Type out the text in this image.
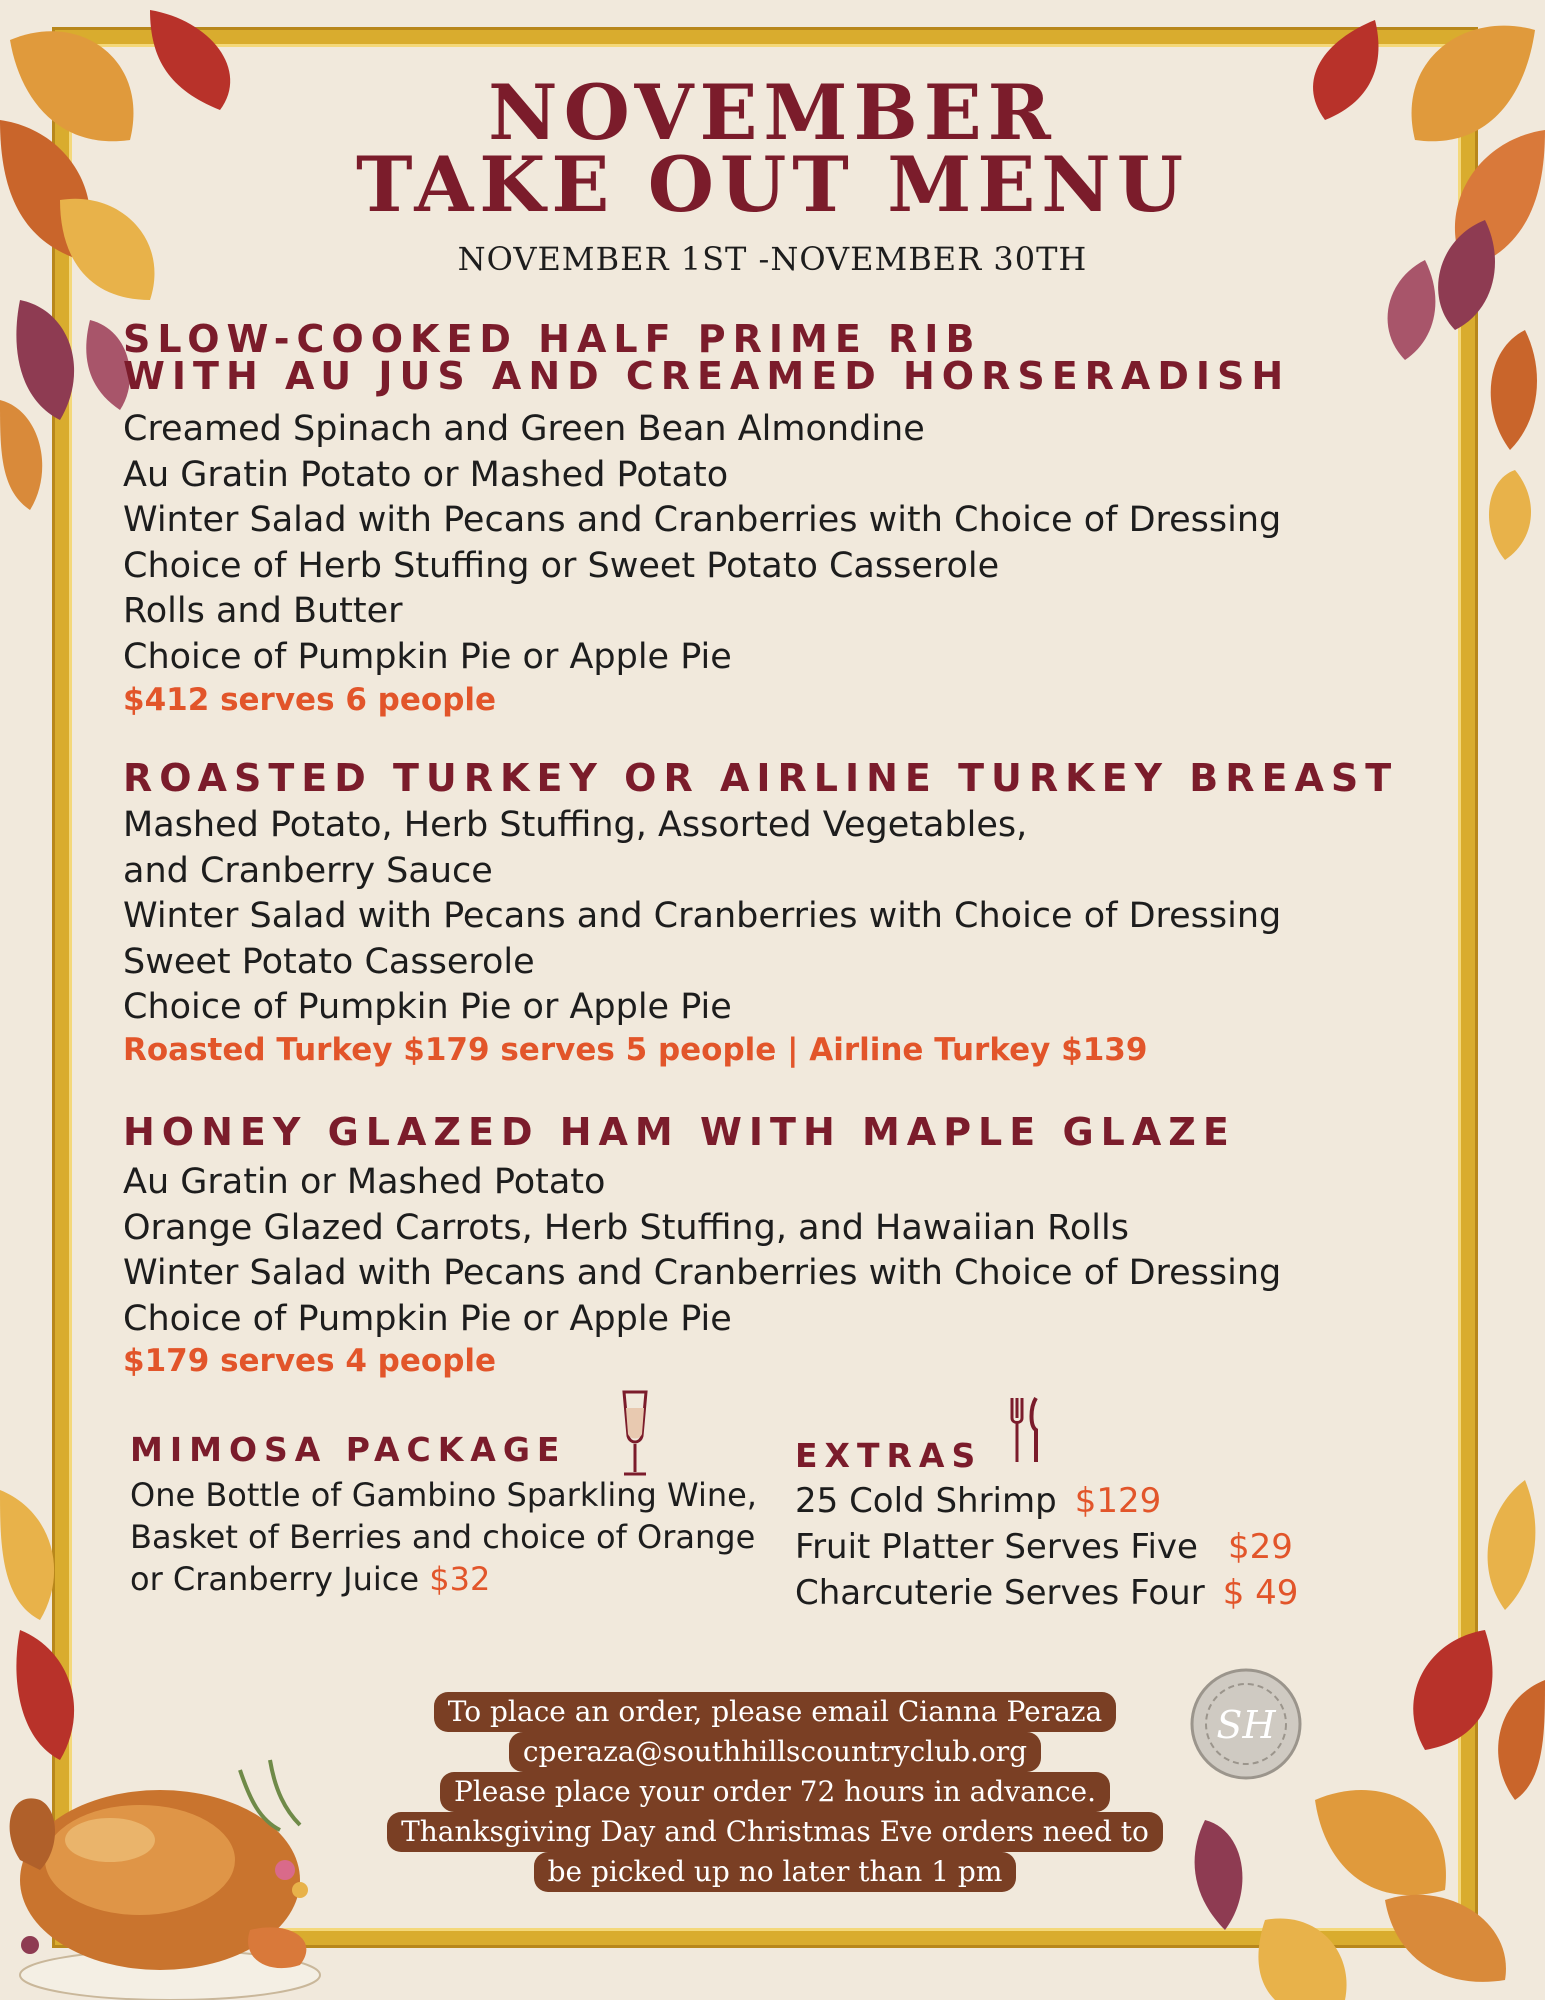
NOVEMBER
TAKE OUT MENU
NOVEMBER 1ST -NOVEMBER 30TH
SLOW-COOKED HALF PRIME RIB
WITH AU JUS AND CREAMED HORSERADISH
Creamed Spinach and Green Bean Almondine
Au Gratin Potato or Mashed Potato
Winter Salad with Pecans and Cranberries with Choice of Dressing
Choice of Herb Stuffing or Sweet Potato Casserole
Rolls and Butter
Choice of Pumpkin Pie or Apple Pie
$412 serves 6 people
ROASTED TURKEY OR AIRLINE TURKEY BREAST
Mashed Potato, Herb Stuffing, Assorted Vegetables,
and Cranberry Sauce
Winter Salad with Pecans and Cranberries with Choice of Dressing
Sweet Potato Casserole
Choice of Pumpkin Pie or Apple Pie
Roasted Turkey $179 serves 5 people | Airline Turkey $139
HONEY GLAZED HAM WITH MAPLE GLAZE
Au Gratin or Mashed Potato
Orange Glazed Carrots, Herb Stuffing, and Hawaiian Rolls
Winter Salad with Pecans and Cranberries with Choice of Dressing
Choice of Pumpkin Pie or Apple Pie
$179 serves 4 people
MIMOSA PACKAGE
One Bottle of Gambino Sparkling Wine, Basket of Berries and choice of Orange or Cranberry Juice $32
EXTRAS
25 Cold Shrimp $129
Fruit Platter Serves Five $29
Charcuterie Serves Four $ 49
To place an order, please email Cianna Peraza
cperaza@southhillscountryclub.org
Please place your order 72 hours in advance.
Thanksgiving Day and Christmas Eve orders need to
be picked up no later than 1 pm
SH
